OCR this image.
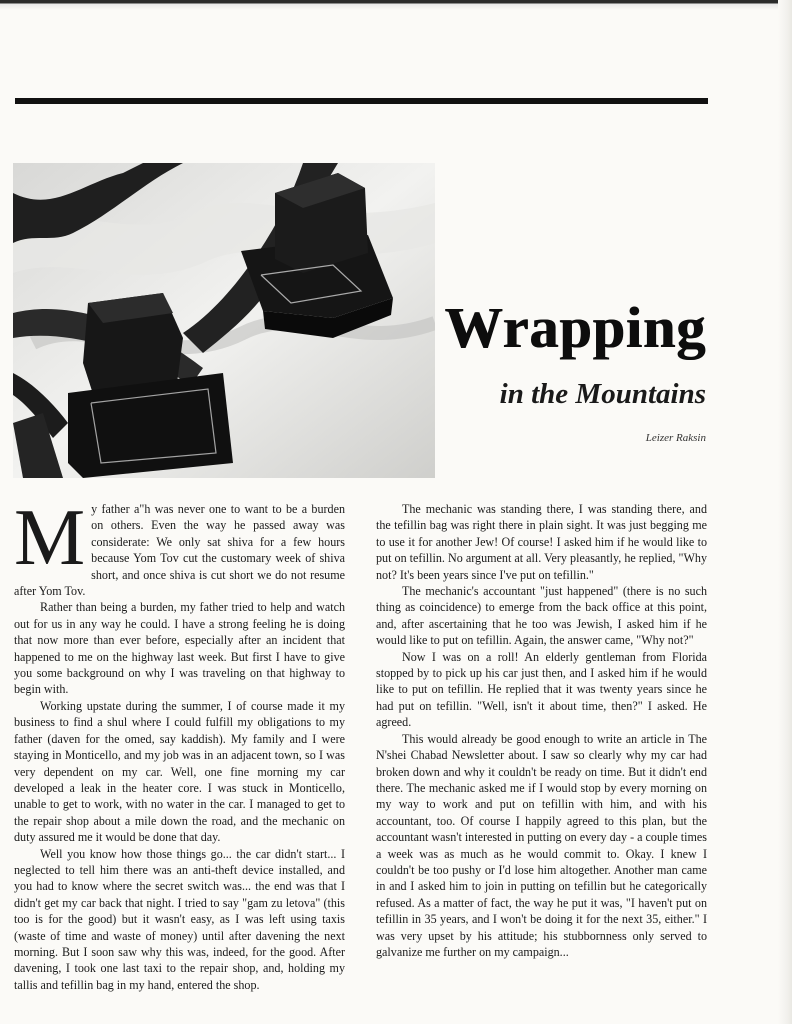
Wrapping
in the Mountains

Leizer Raksin

M y father a"h was never one to want to be a burden on others. Even the way he passed away was considerate: We only sat shiva for a few hours because Yom Tov cut the customary week of shiva short, and once shiva is cut short we do not resume after Yom Tov.

Rather than being a burden, my father tried to help and watch out for us in any way he could. I have a strong feeling he is doing that now more than ever before, especially after an incident that happened to me on the highway last week. But first I have to give you some background on why I was traveling on that highway to begin with.

Working upstate during the summer, I of course made it my business to find a shul where I could fulfill my obligations to my father (daven for the omed, say kaddish). My family and I were staying in Monticello, and my job was in an adjacent town, so I was very dependent on my car. Well, one fine morning my car developed a leak in the heater core. I was stuck in Monticello, unable to get to work, with no water in the car. I managed to get to the repair shop about a mile down the road, and the mechanic on duty assured me it would be done that day.

Well you know how those things go... the car didn't start... I neglected to tell him there was an anti-theft device installed, and you had to know where the secret switch was... the end was that I didn't get my car back that night. I tried to say "gam zu letova" (this too is for the good) but it wasn't easy, as I was left using taxis (waste of time and waste of money) until after davening the next morning. But I soon saw why this was, indeed, for the good. After davening, I took one last taxi to the repair shop, and, holding my tallis and tefillin bag in my hand, entered the shop.

The mechanic was standing there, I was standing there, and the tefillin bag was right there in plain sight. It was just begging me to use it for another Jew! Of course! I asked him if he would like to put on tefillin. No argument at all. Very pleasantly, he replied, "Why not? It's been years since I've put on tefillin."

The mechanic's accountant "just happened" (there is no such thing as coincidence) to emerge from the back office at this point, and, after ascertaining that he too was Jewish, I asked him if he would like to put on tefillin. Again, the answer came, "Why not?"

Now I was on a roll! An elderly gentleman from Florida stopped by to pick up his car just then, and I asked him if he would like to put on tefillin. He replied that it was twenty years since he had put on tefillin. "Well, isn't it about time, then?" I asked. He agreed.

This would already be good enough to write an article in The N'shei Chabad Newsletter about. I saw so clearly why my car had broken down and why it couldn't be ready on time. But it didn't end there. The mechanic asked me if I would stop by every morning on my way to work and put on tefillin with him, and with his accountant, too. Of course I happily agreed to this plan, but the accountant wasn't interested in putting on every day - a couple times a week was as much as he would commit to. Okay. I knew I couldn't be too pushy or I'd lose him altogether. Another man came in and I asked him to join in putting on tefillin but he categorically refused. As a matter of fact, the way he put it was, "I haven't put on tefillin in 35 years, and I won't be doing it for the next 35, either." I was very upset by his attitude; his stubbornness only served to galvanize me further on my campaign...
